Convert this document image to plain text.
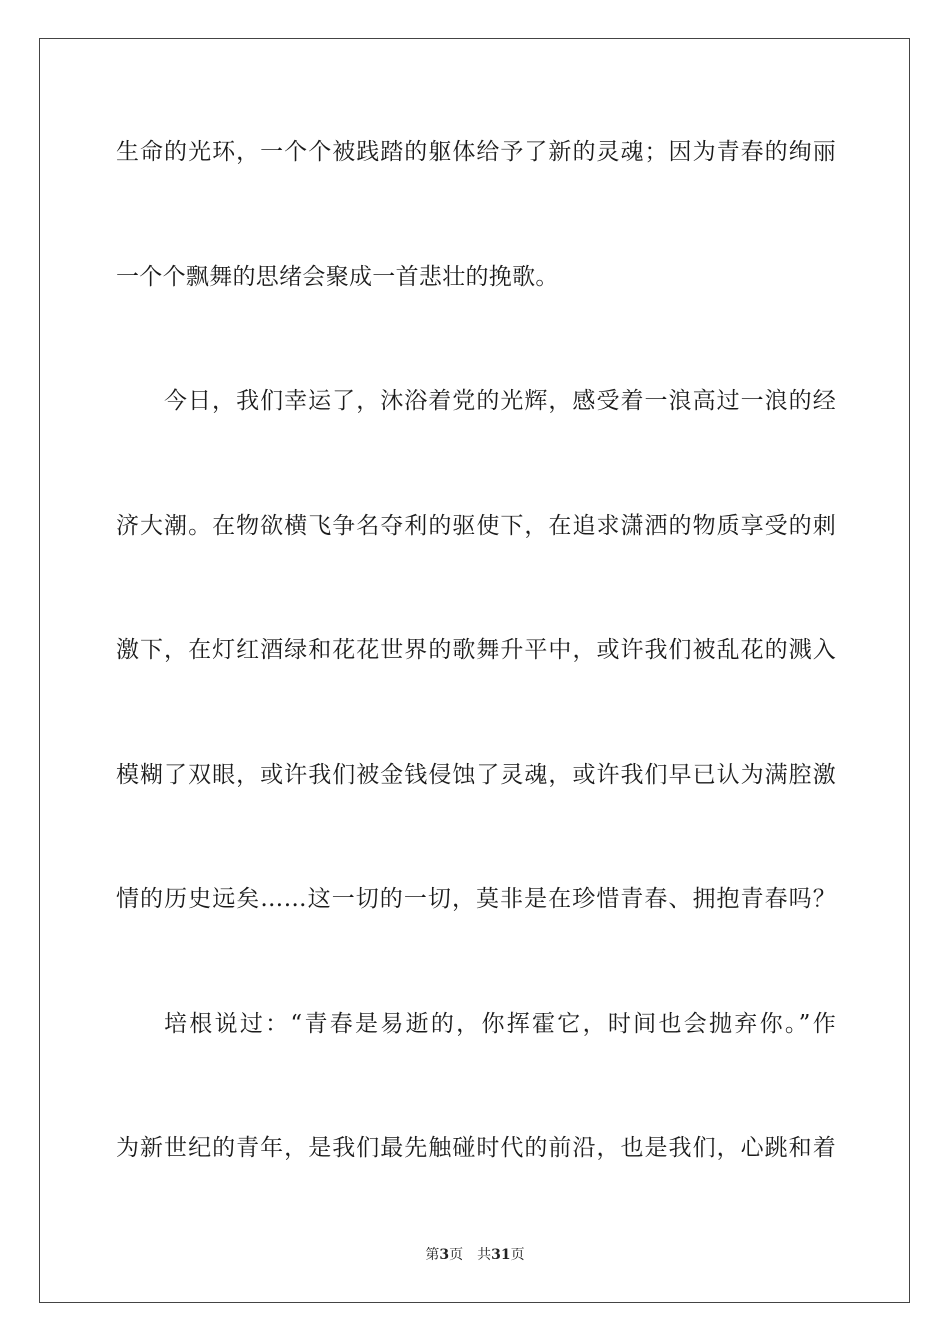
生命的光环，一个个被践踏的躯体给予了新的灵魂；因为青春的绚丽
一个个飘舞的思绪会聚成一首悲壮的挽歌。
今日，我们幸运了，沐浴着党的光辉，感受着一浪高过一浪的经
济大潮。在物欲横飞争名夺利的驱使下，在追求潇洒的物质享受的刺
激下，在灯红酒绿和花花世界的歌舞升平中，或许我们被乱花的溅入
模糊了双眼，或许我们被金钱侵蚀了灵魂，或许我们早已认为满腔激
情的历史远矣……这一切的一切，莫非是在珍惜青春、拥抱青春吗？
培根说过：“青春是易逝的，你挥霍它，时间也会抛弃你。”作
为新世纪的青年，是我们最先触碰时代的前沿，也是我们，心跳和着
第3页 共31页
